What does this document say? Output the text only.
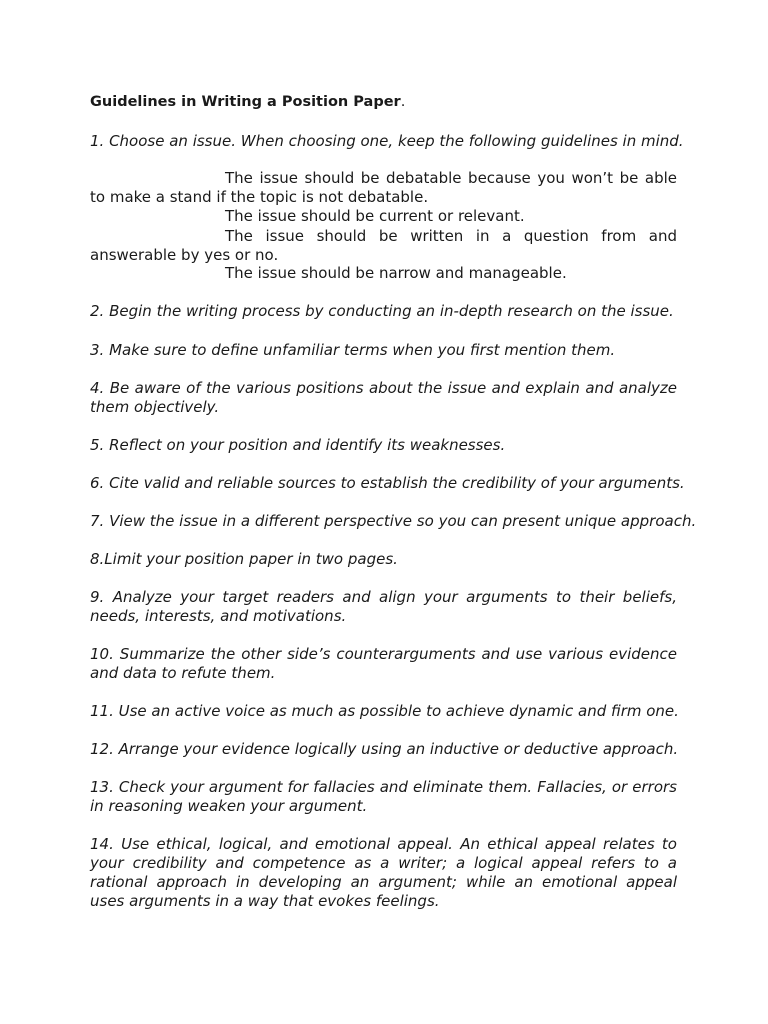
Guidelines in Writing a Position Paper.
1. Choose an issue. When choosing one, keep the following guidelines in mind.
The issue should be debatable because you won’t be able to make a stand if the topic is not debatable.
The issue should be current or relevant.
The issue should be written in a question from and answerable by yes or no.
The issue should be narrow and manageable.
2. Begin the writing process by conducting an in-depth research on the issue.
3. Make sure to define unfamiliar terms when you first mention them.
4. Be aware of the various positions about the issue and explain and analyze them objectively.
5. Reflect on your position and identify its weaknesses.
6. Cite valid and reliable sources to establish the credibility of your arguments.
7. View the issue in a different perspective so you can present unique approach.
8.Limit your position paper in two pages.
9. Analyze your target readers and align your arguments to their beliefs, needs, interests, and motivations.
10. Summarize the other side’s counterarguments and use various evidence and data to refute them.
11. Use an active voice as much as possible to achieve dynamic and firm one.
12. Arrange your evidence logically using an inductive or deductive approach.
13. Check your argument for fallacies and eliminate them. Fallacies, or errors in reasoning weaken your argument.
14. Use ethical, logical, and emotional appeal. An ethical appeal relates to your credibility and competence as a writer; a logical appeal refers to a rational approach in developing an argument; while an emotional appeal uses arguments in a way that evokes feelings.
